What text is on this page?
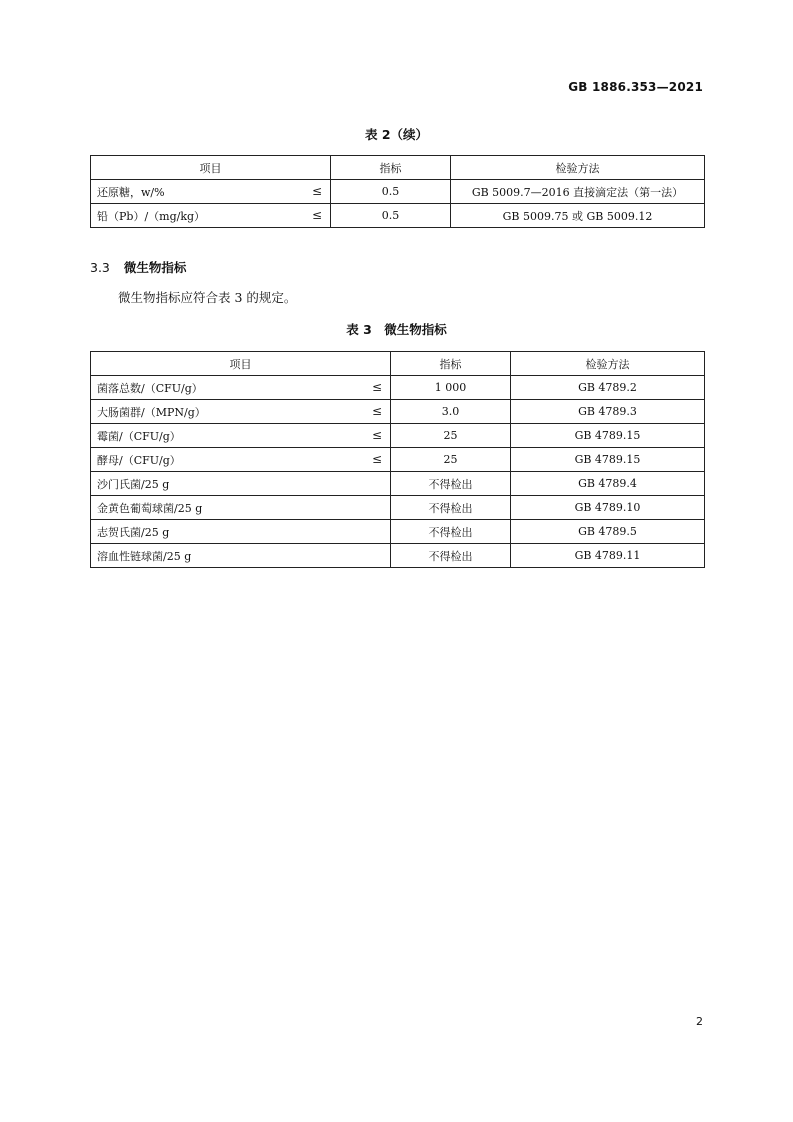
GB 1886.353—2021
表 2（续）
项目	指标	检验方法
还原糖，w/% ≤	0.5	GB 5009.7—2016 直接滴定法（第一法）
铅（Pb）/（mg/kg） ≤	0.5	GB 5009.75 或 GB 5009.12
3.3 微生物指标
微生物指标应符合表 3 的规定。
表 3　微生物指标
项目	指标	检验方法
菌落总数/（CFU/g） ≤	1 000	GB 4789.2
大肠菌群/（MPN/g） ≤	3.0	GB 4789.3
霉菌/（CFU/g） ≤	25	GB 4789.15
酵母/（CFU/g） ≤	25	GB 4789.15
沙门氏菌/25 g	不得检出	GB 4789.4
金黄色葡萄球菌/25 g	不得检出	GB 4789.10
志贺氏菌/25 g	不得检出	GB 4789.5
溶血性链球菌/25 g	不得检出	GB 4789.11
2
